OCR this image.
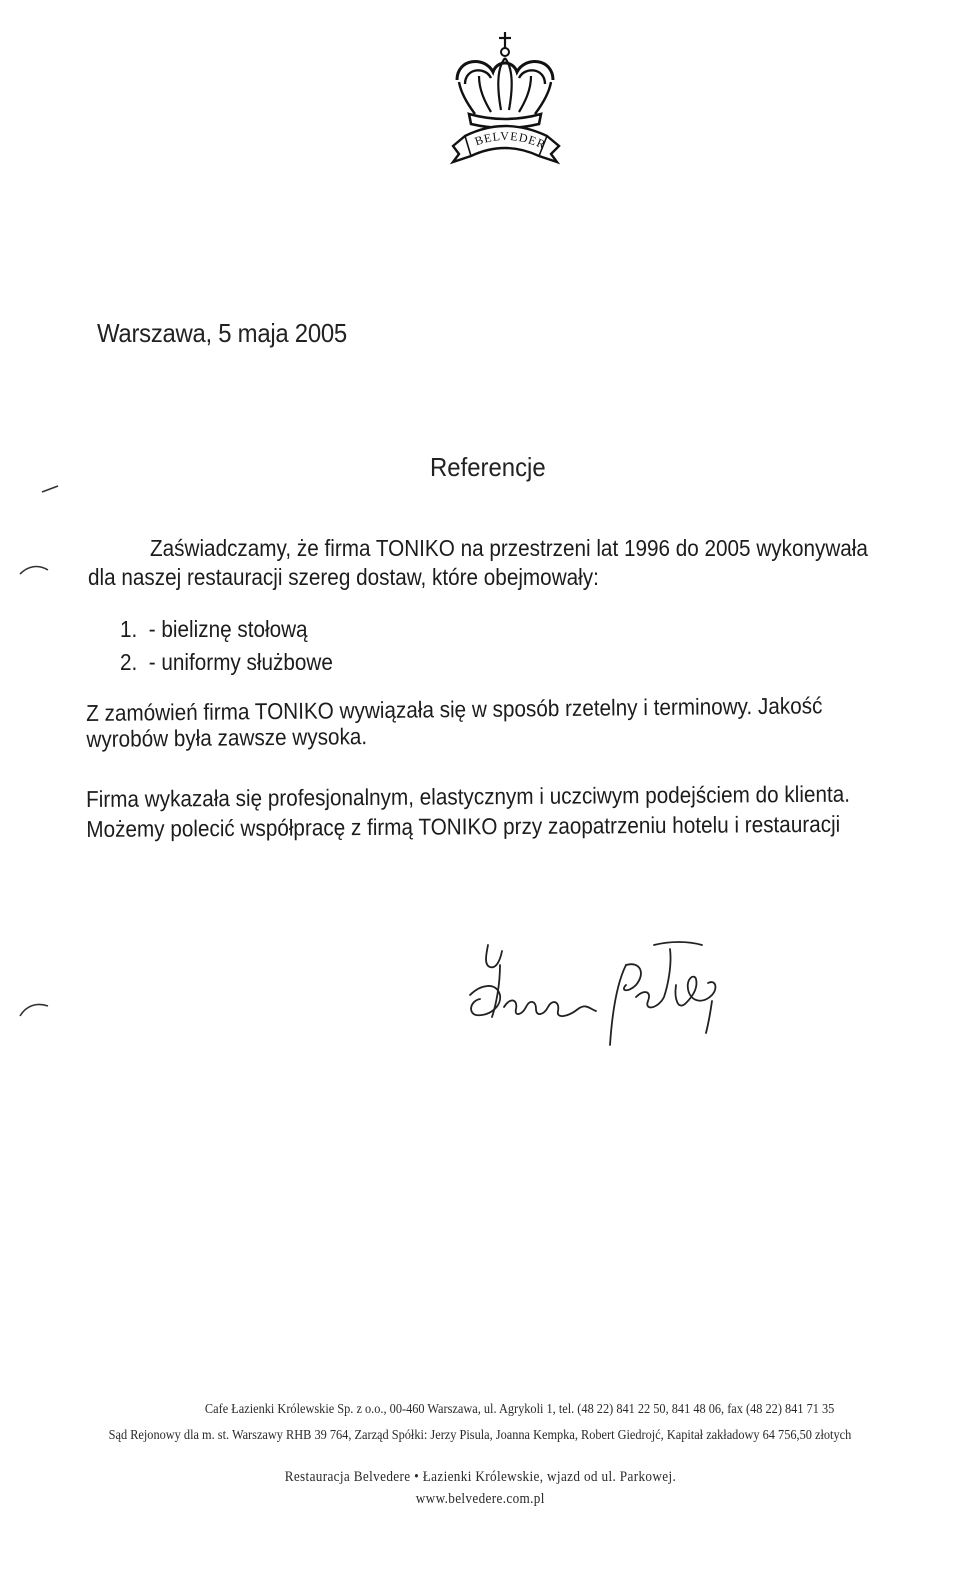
BELVEDER
Warszawa, 5 maja 2005
Referencje
Zaświadczamy, że firma TONIKO na przestrzeni lat 1996 do 2005 wykonywała
dla naszej restauracji szereg dostaw, które obejmowały:
1.  - bieliznę stołową
2.  - uniformy służbowe
Z zamówień firma TONIKO wywiązała się w sposób rzetelny i terminowy. Jakość
wyrobów była zawsze wysoka.
Firma wykazała się profesjonalnym, elastycznym i uczciwym podejściem do klienta.
Możemy polecić współpracę z firmą TONIKO przy zaopatrzeniu hotelu i restauracji
Cafe Łazienki Królewskie Sp. z o.o., 00-460 Warszawa, ul. Agrykoli 1, tel. (48 22) 841 22 50, 841 48 06, fax (48 22) 841 71 35
Sąd Rejonowy dla m. st. Warszawy RHB 39 764, Zarząd Spółki: Jerzy Pisula, Joanna Kempka, Robert Giedrojć, Kapitał zakładowy 64 756,50 złotych
Restauracja Belvedere • Łazienki Królewskie, wjazd od ul. Parkowej.
www.belvedere.com.pl
